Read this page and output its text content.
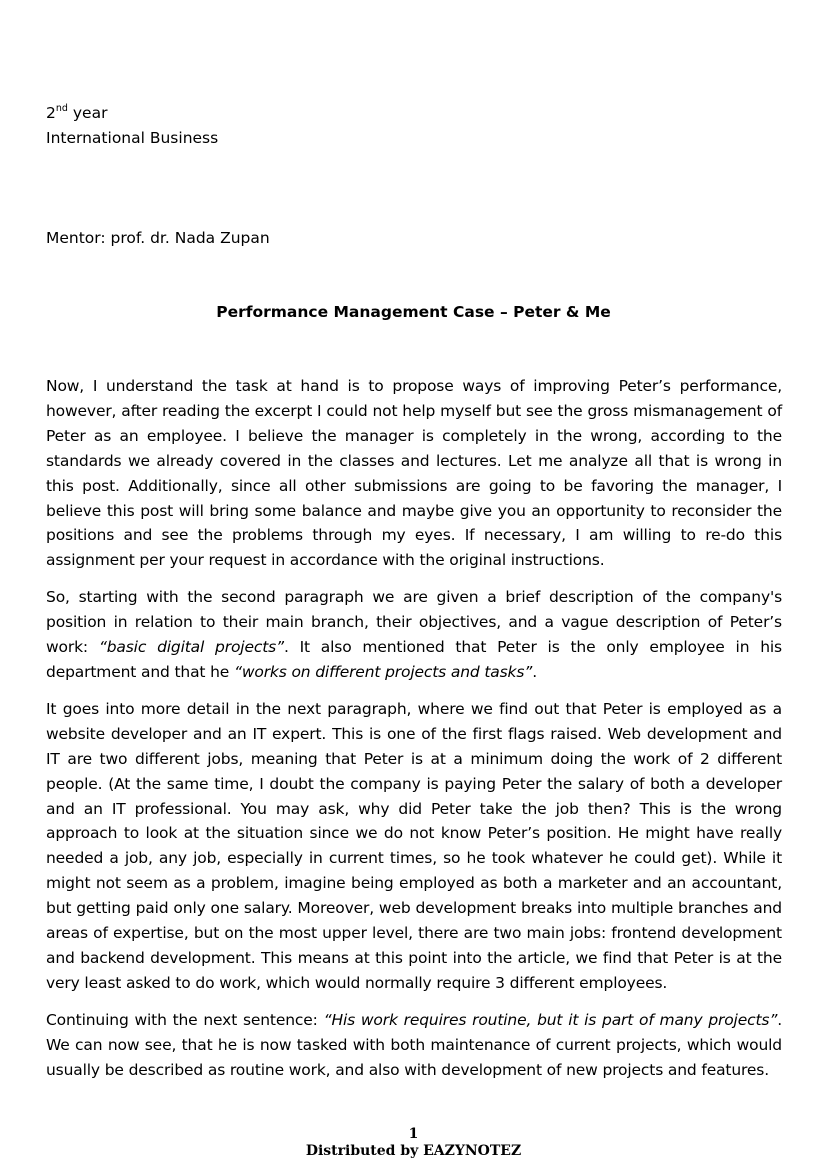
2nd year
International Business
Mentor: prof. dr. Nada Zupan
Performance Management Case – Peter & Me

Now, I understand the task at hand is to propose ways of improving Peter’s performance, however, after reading the excerpt I could not help myself but see the gross mismanagement of Peter as an employee. I believe the manager is completely in the wrong, according to the standards we already covered in the classes and lectures. Let me analyze all that is wrong in this post. Additionally, since all other submissions are going to be favoring the manager, I believe this post will bring some balance and maybe give you an opportunity to reconsider the positions and see the problems through my eyes. If necessary, I am willing to re-do this assignment per your request in accordance with the original instructions.

So, starting with the second paragraph we are given a brief description of the company's position in relation to their main branch, their objectives, and a vague description of Peter’s work: “basic digital projects”. It also mentioned that Peter is the only employee in his department and that he “works on different projects and tasks”.

It goes into more detail in the next paragraph, where we find out that Peter is employed as a website developer and an IT expert. This is one of the first flags raised. Web development and IT are two different jobs, meaning that Peter is at a minimum doing the work of 2 different people. (At the same time, I doubt the company is paying Peter the salary of both a developer and an IT professional. You may ask, why did Peter take the job then? This is the wrong approach to look at the situation since we do not know Peter’s position. He might have really needed a job, any job, especially in current times, so he took whatever he could get). While it might not seem as a problem, imagine being employed as both a marketer and an accountant, but getting paid only one salary. Moreover, web development breaks into multiple branches and areas of expertise, but on the most upper level, there are two main jobs: frontend development and backend development. This means at this point into the article, we find that Peter is at the very least asked to do work, which would normally require 3 different employees.

Continuing with the next sentence: “His work requires routine, but it is part of many projects”. We can now see, that he is now tasked with both maintenance of current projects, which would usually be described as routine work, and also with development of new projects and features.

1
Distributed by EAZYNOTEZ
